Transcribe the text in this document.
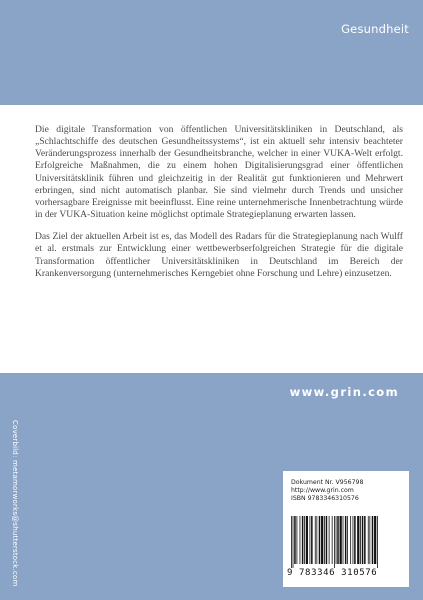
Gesundheit

Die digitale Transformation von öffentlichen Universitätskliniken in Deutschland, als „Schlachtschiffe des deutschen Gesundheitssystems“, ist ein aktuell sehr intensiv beachteter Veränderungsprozess innerhalb der Gesundheitsbranche, welcher in einer VUKA-Welt erfolgt. Erfolgreiche Maßnahmen, die zu einem hohen Digitalisierungsgrad einer öffentlichen Universitätsklinik führen und gleichzeitig in der Realität gut funktionieren und Mehrwert erbringen, sind nicht automatisch planbar. Sie sind vielmehr durch Trends und unsicher vorhersagbare Ereignisse mit beeinflusst. Eine reine unternehmerische Innenbetrachtung würde in der VUKA-Situation keine möglichst optimale Strategieplanung erwarten lassen.

Das Ziel der aktuellen Arbeit ist es, das Modell des Radars für die Strategieplanung nach Wulff et al. erstmals zur Entwicklung einer wettbewerbserfolgreichen Strategie für die digitale Transformation öffentlicher Universitätskliniken in Deutschland im Bereich der Krankenversorgung (unternehmerisches Kerngebiet ohne Forschung und Lehre) einzusetzen.

www.grin.com
Coverbild: metamorworks@shutterstock.com	Dokument Nr. V956798
http://www.grin.com
ISBN 9783346310576
9 783346 310576
